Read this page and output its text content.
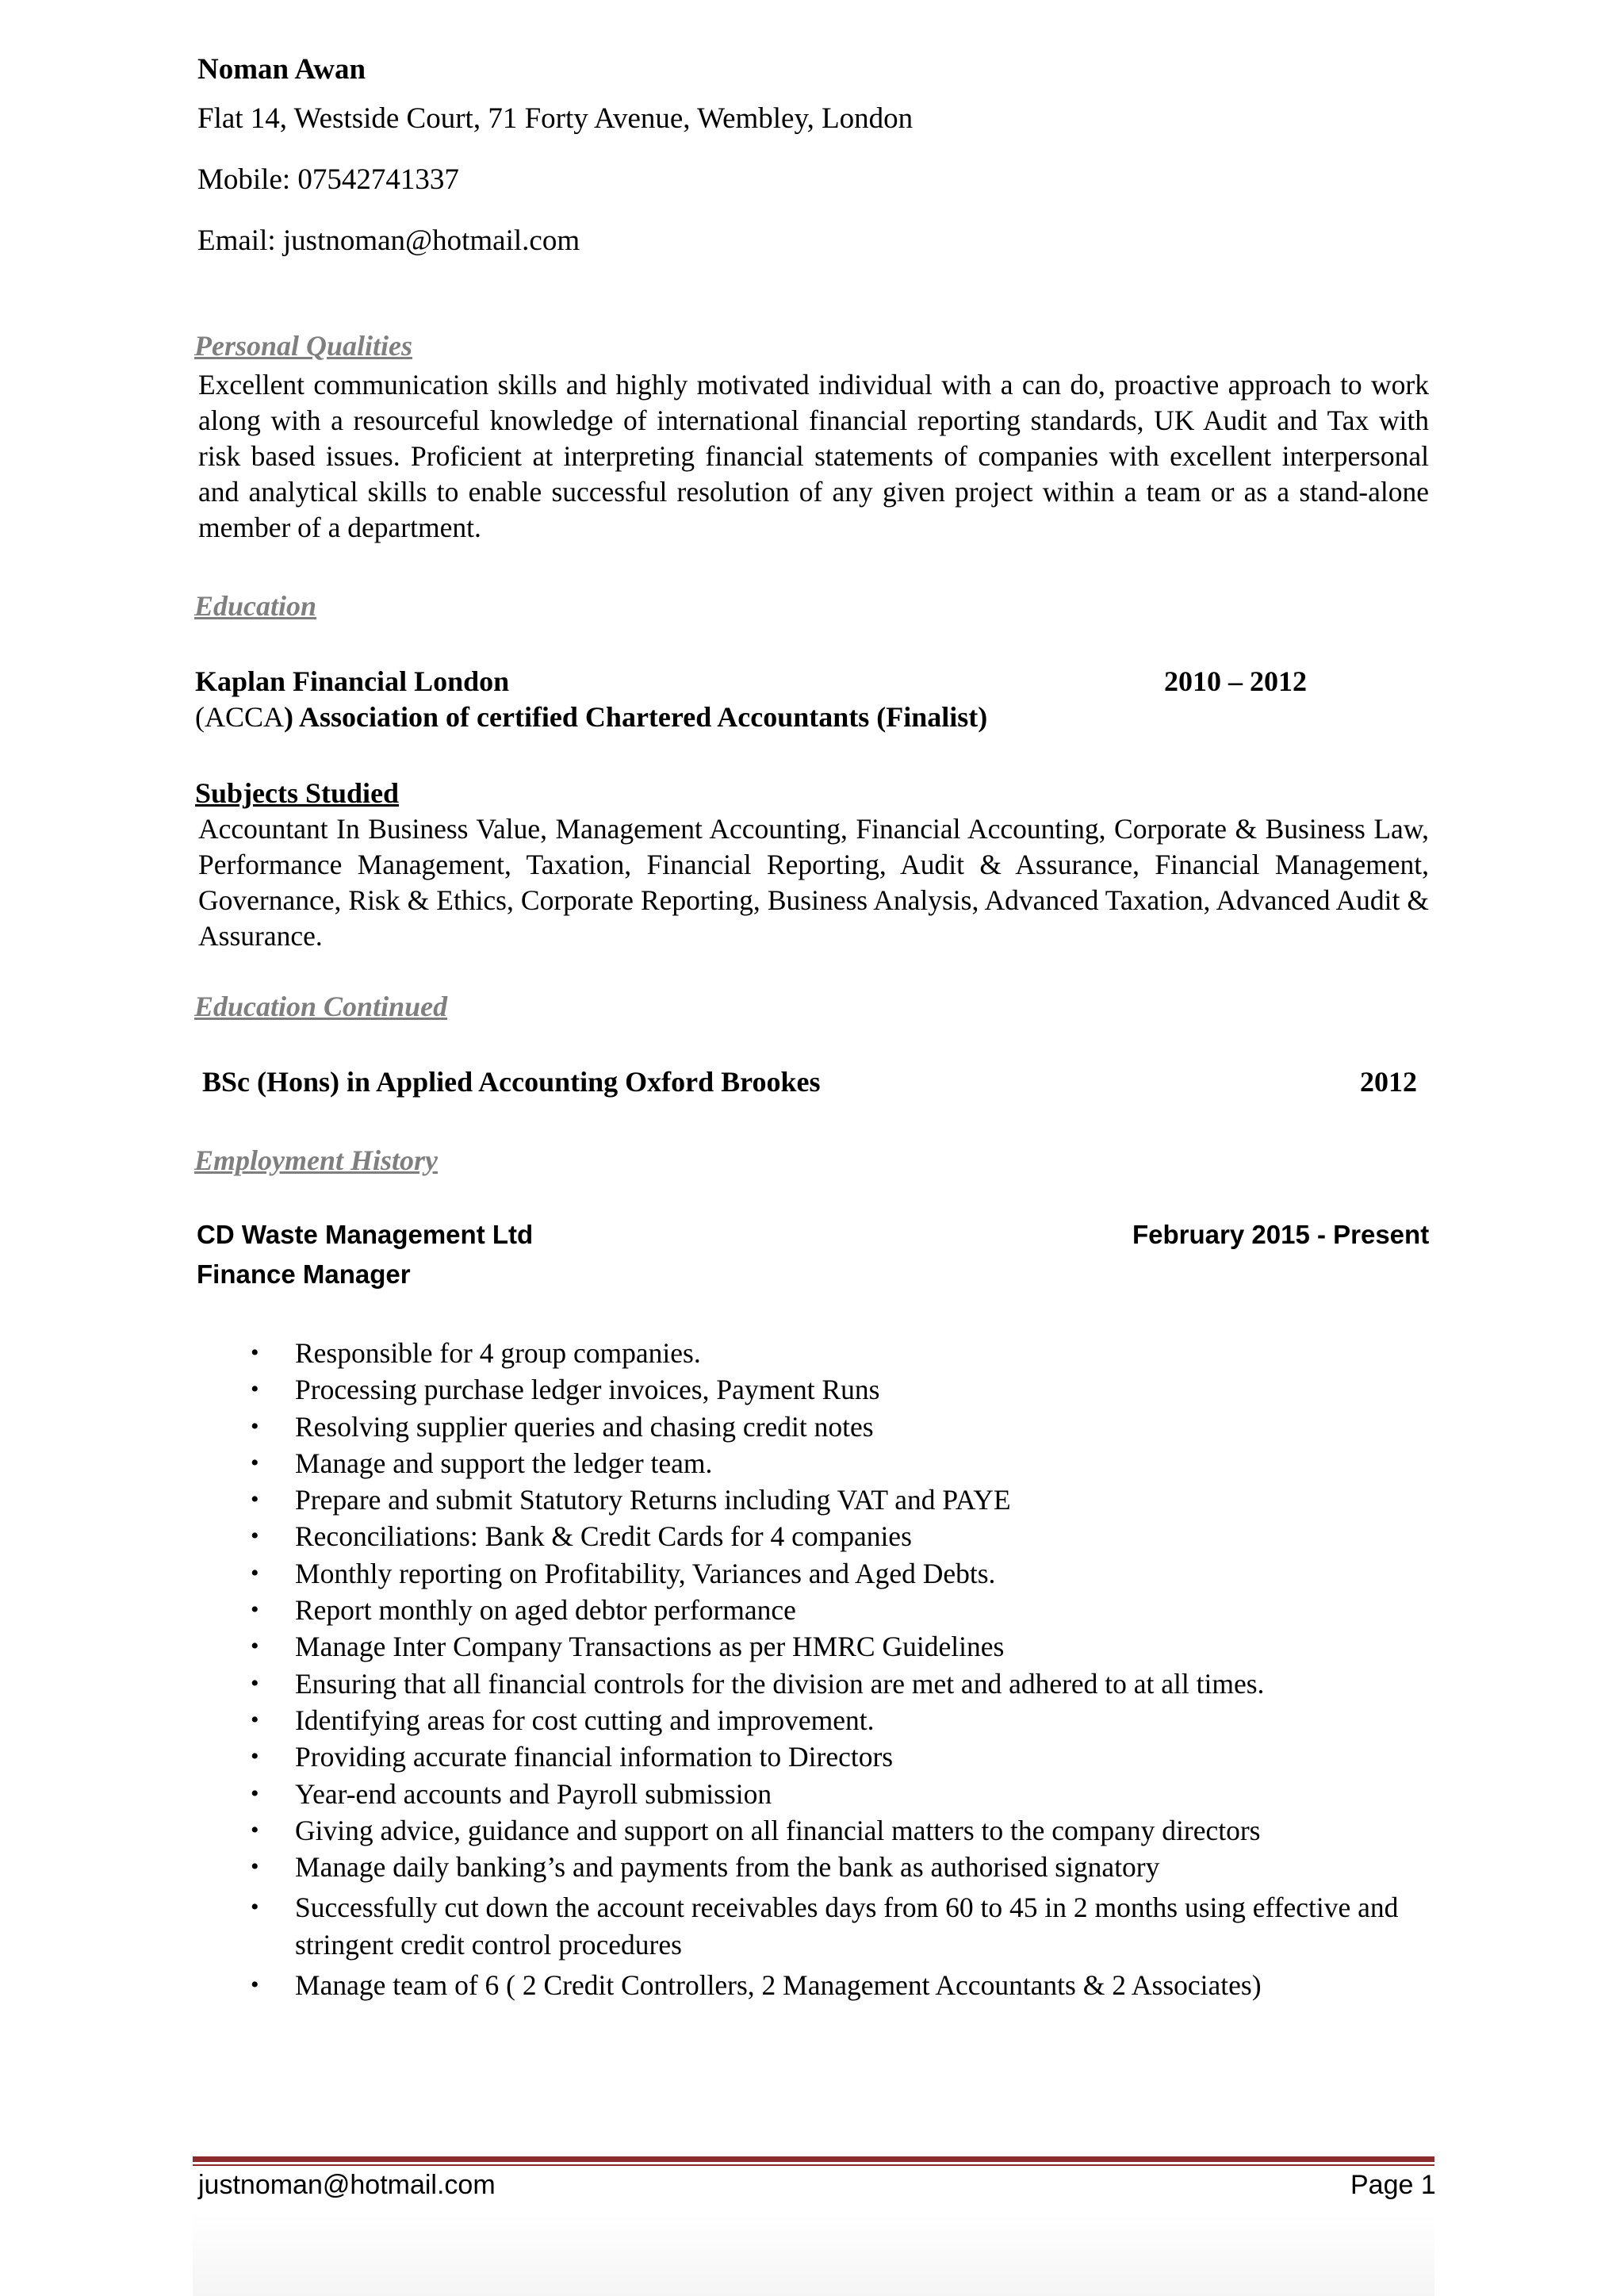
Noman Awan
Flat 14, Westside Court, 71 Forty Avenue, Wembley, London
Mobile: 07542741337
Email: justnoman@hotmail.com
Personal Qualities
Excellent communication skills and highly motivated individual with a can do, proactive approach to work along with a resourceful knowledge of international financial reporting standards, UK Audit and Tax with risk based issues. Proficient at interpreting financial statements of companies with excellent interpersonal and analytical skills to enable successful resolution of any given project within a team or as a stand-alone member of a department.
Education
Kaplan Financial London	2010 – 2012
(ACCA) Association of certified Chartered Accountants (Finalist)
Subjects Studied
Accountant In Business Value, Management Accounting, Financial Accounting, Corporate & Business Law, Performance Management, Taxation, Financial Reporting, Audit & Assurance, Financial Management, Governance, Risk & Ethics, Corporate Reporting, Business Analysis, Advanced Taxation, Advanced Audit & Assurance.
Education Continued
BSc (Hons) in Applied Accounting Oxford Brookes	2012
Employment History
CD Waste Management Ltd	February 2015 - Present
Finance Manager
• Responsible for 4 group companies.
• Processing purchase ledger invoices, Payment Runs
• Resolving supplier queries and chasing credit notes
• Manage and support the ledger team.
• Prepare and submit Statutory Returns including VAT and PAYE
• Reconciliations: Bank & Credit Cards for 4 companies
• Monthly reporting on Profitability, Variances and Aged Debts.
• Report monthly on aged debtor performance
• Manage Inter Company Transactions as per HMRC Guidelines
• Ensuring that all financial controls for the division are met and adhered to at all times.
• Identifying areas for cost cutting and improvement.
• Providing accurate financial information to Directors
• Year-end accounts and Payroll submission
• Giving advice, guidance and support on all financial matters to the company directors
• Manage daily banking’s and payments from the bank as authorised signatory
• Successfully cut down the account receivables days from 60 to 45 in 2 months using effective and stringent credit control procedures
• Manage team of 6 ( 2 Credit Controllers, 2 Management Accountants & 2 Associates)
justnoman@hotmail.com	Page 1
